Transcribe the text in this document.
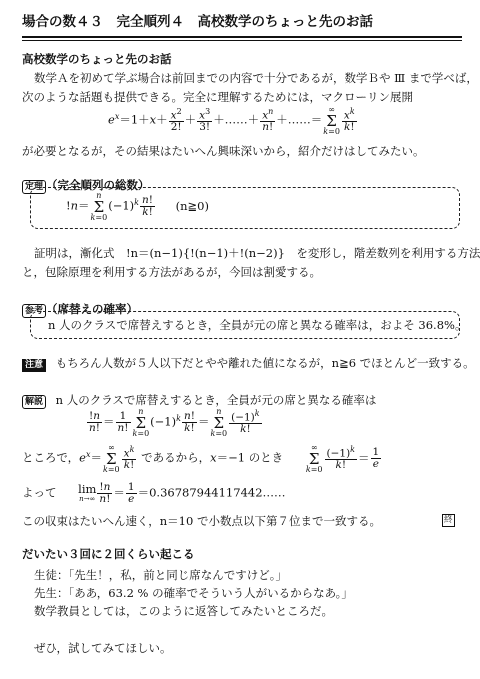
場合の数４３　完全順列４　高校数学のちょっと先のお話
高校数学のちょっと先のお話
数学Ａを初めて学ぶ場合は前回までの内容で十分であるが，数学Ｂや Ⅲ まで学べば，
次のような話題も提供できる。完全に理解するためには，マクローリン展開
$e^x=1+x+ \frac{x^2}{2!} + \frac{x^3}{3!}$ ＋……＋ $\frac{x^n}{n!}$ ＋……＝∞
Σ
$k=0 \frac{x^k}{k!}$
が必要となるが，その結果はたいへん興味深いから，紹介だけはしてみたい。
定理 （完全順列の総数）
!n＝n
Σ
$k=0(-1)^k \frac{n!}{k!}$ (n≧0)
証明は，漸化式　!n＝(n−1){!(n−1)＋!(n−2)}　を変形し，階差数列を利用する方法
と，包除原理を利用する方法があるが，今回は割愛する。
参考 （席替えの確率）
n 人のクラスで席替えするとき，全員が元の席と異なる確率は，およそ 36.8%。
注意 もちろん人数が５人以下だとやや離れた値になるが，n≧6 でほとんど一致する。
解説 n 人のクラスで席替えするとき，全員が元の席と異なる確率は
$\frac{!n}{n!} = \frac{1}{n!}$ n
Σ
$k=0(-1)^k \frac{n!}{k!} =n$
Σ
$k=0 \frac{(-1)^k}{k!}$
ところで，$e^x=\infty$
Σ
$k=0 \frac{x^k}{k!}$ であるから，x＝−1 のとき ∞
Σ
$k=0 \frac{(-1)^k}{k!} = \frac{1}{e}$
よって lim
$n\to\infty \frac{!n}{n!} = \frac{1}{e}$ ＝0.36787944117442……
この収束はたいへん速く，n＝10 で小数点以下第７位まで一致する。	終
だいたい３回に２回くらい起こる
生徒：「先生！，私，前と同じ席なんですけど。」
先生：「ああ，63.2 % の確率でそういう人がいるからなあ。」
数学教員としては，このように返答してみたいところだ。
ぜひ，試してみてほしい。
